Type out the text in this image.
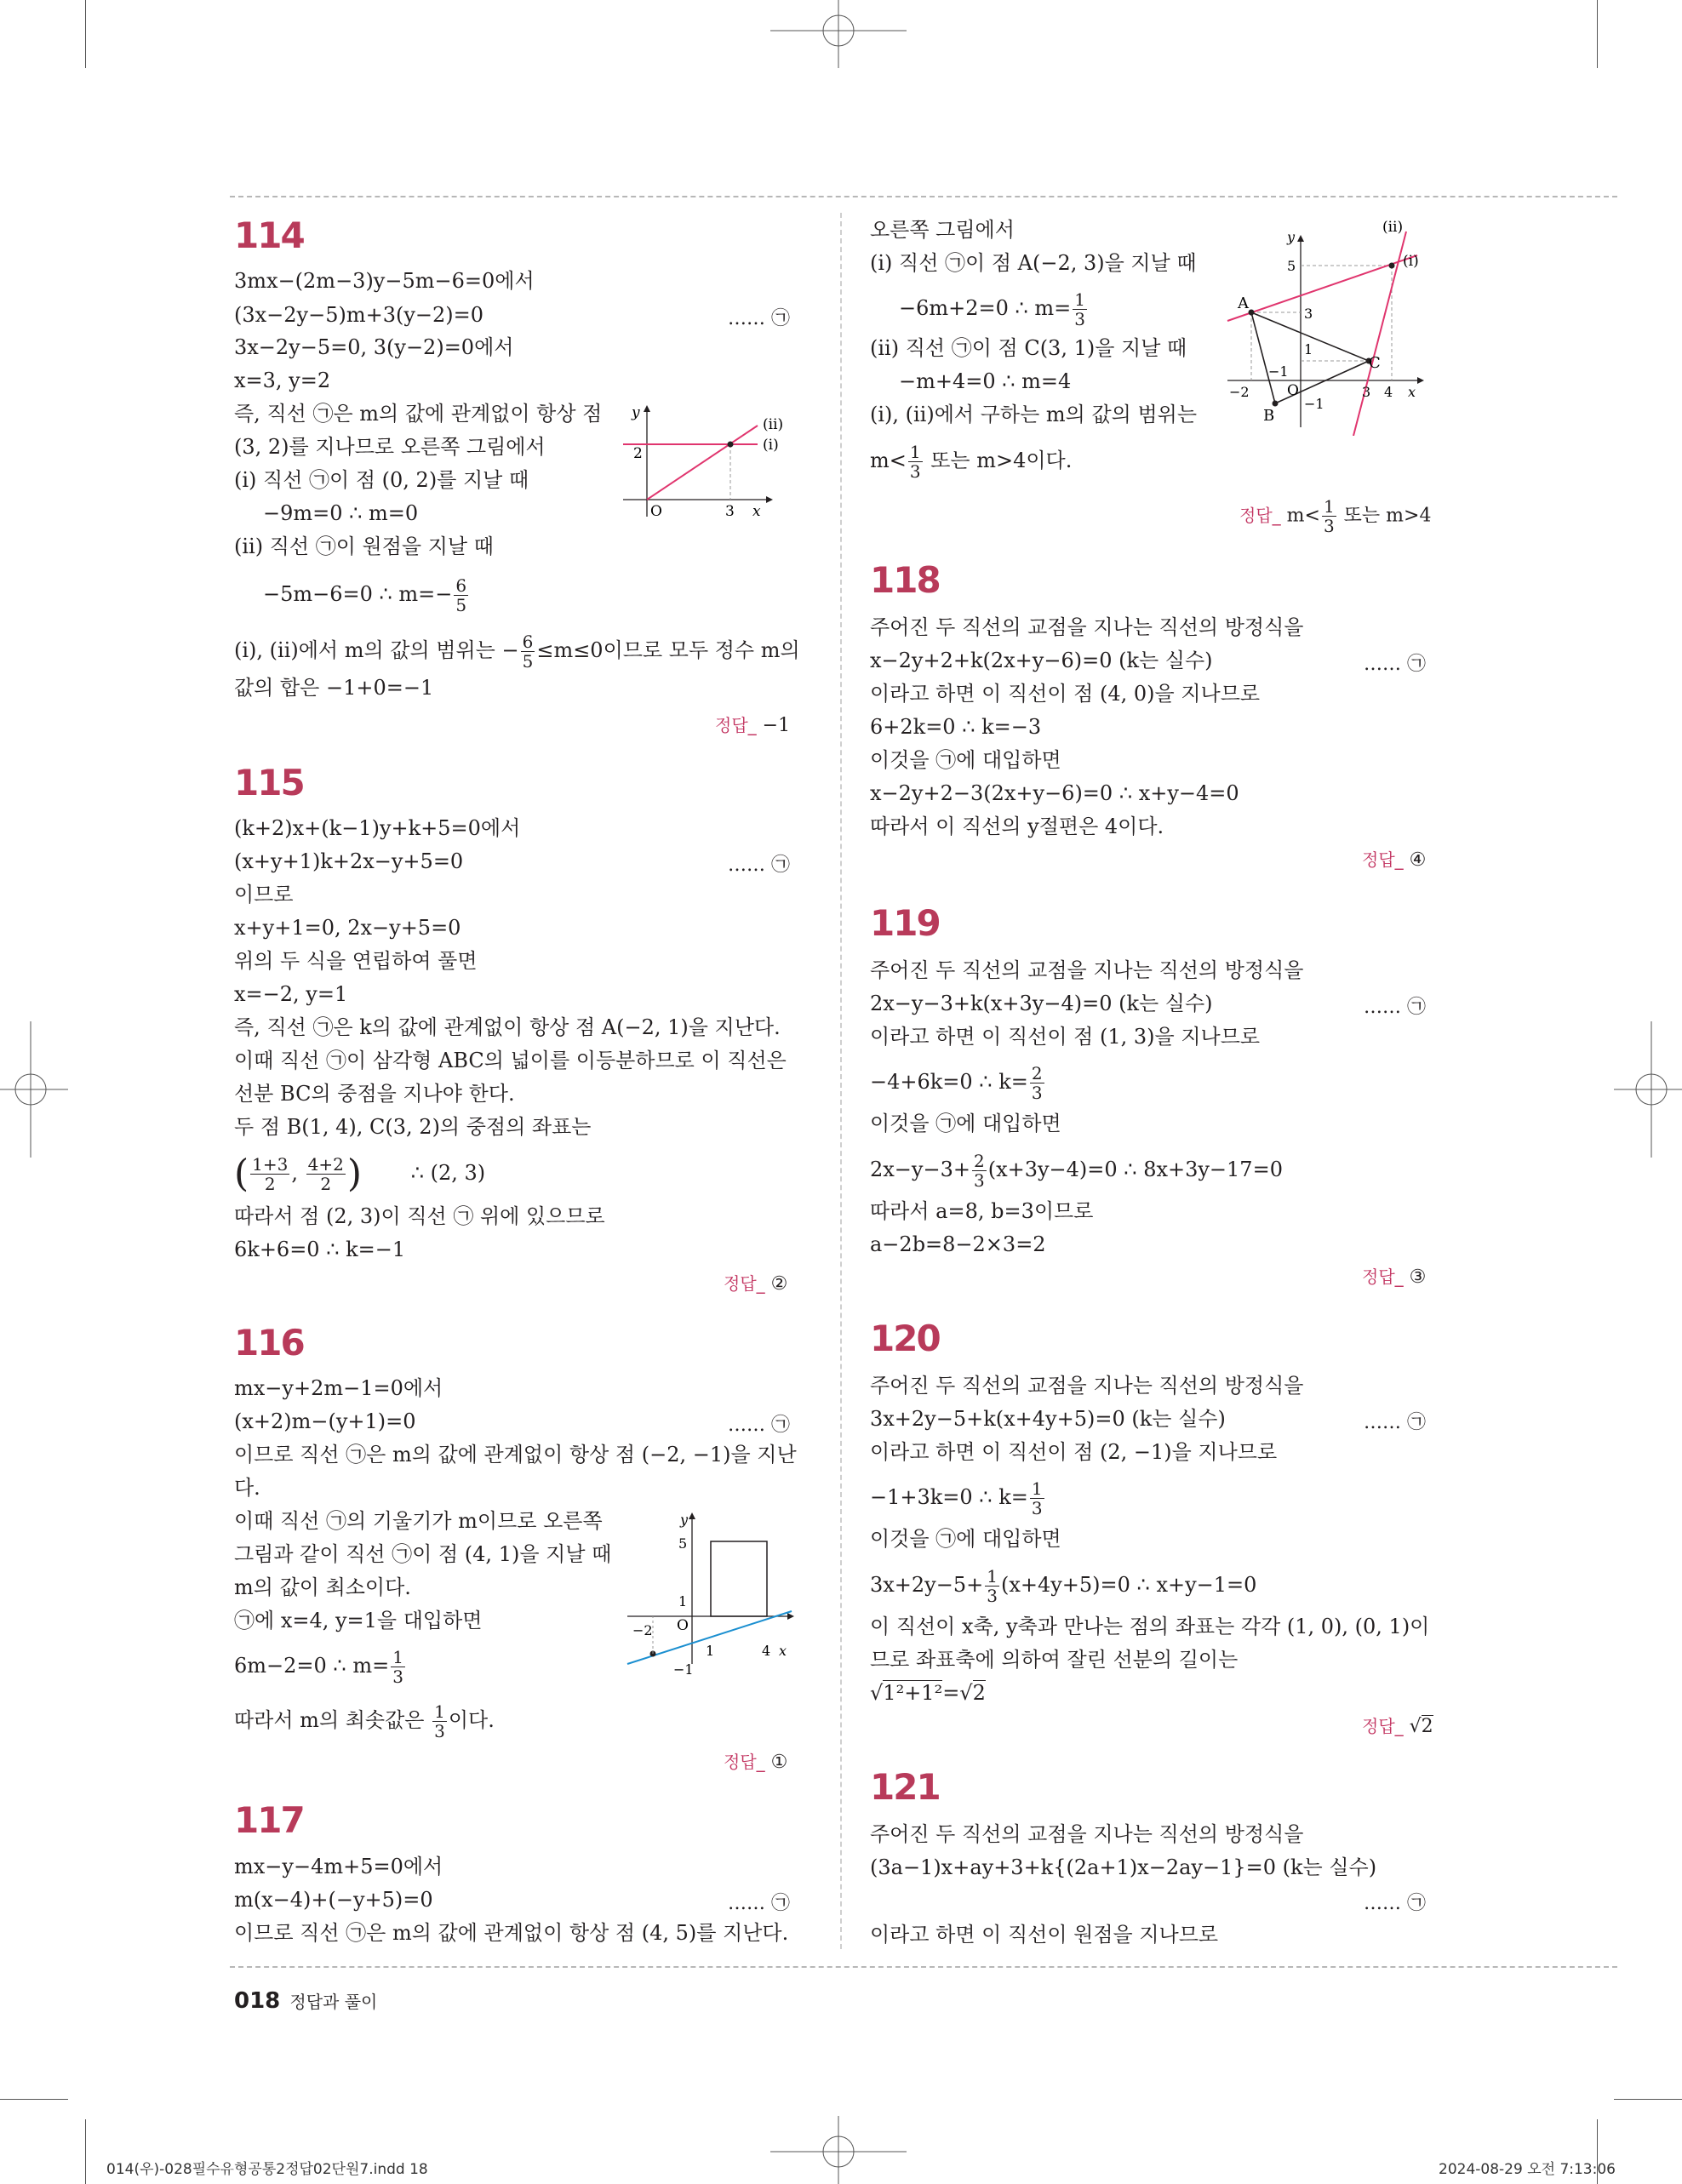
114
3mx−(2m−3)y−5m−6=0에서
(3x−2y−5)m+3(y−2)=0	…… ㉠
3x−2y−5=0, 3(y−2)=0에서
x=3, y=2
즉, 직선 ㉠은 m의 값에 관계없이 항상 점
(3, 2)를 지나므로 오른쪽 그림에서
(ⅰ) 직선 ㉠이 점 (0, 2)를 지날 때
−9m=0 ∴ m=0
(ⅱ) 직선 ㉠이 원점을 지날 때
−5m−6=0 ∴ $m=- \frac{6}{5}$
(ⅰ), (ⅱ)에서 m의 값의 범위는 − $\frac{6}{5} \le m\le 0$이므로 모두 정수 m의
값의 합은 −1+0=−1
y
2
O	3 x
(ⅱ)
(ⅰ)
정답_ −1
115
(k+2)x+(k−1)y+k+5=0에서
(x+y+1)k+2x−y+5=0	…… ㉠
이므로
x+y+1=0, 2x−y+5=0
위의 두 식을 연립하여 풀면
x=−2, y=1
즉, 직선 ㉠은 k의 값에 관계없이 항상 점 A(−2, 1)을 지난다.
이때 직선 ㉠이 삼각형 ABC의 넓이를 이등분하므로 이 직선은
선분 BC의 중점을 지나야 한다.
두 점 B(1, 4), C(3, 2)의 중점의 좌표는
( $\frac{1+3}{2}$ , $\frac{4+2}{2}$ ) ∴ (2, 3)
따라서 점 (2, 3)이 직선 ㉠ 위에 있으므로
6k+6=0 ∴ k=−1
정답_ ②
116
mx−y+2m−1=0에서
(x+2)m−(y+1)=0	…… ㉠
이므로 직선 ㉠은 m의 값에 관계없이 항상 점 (−2, −1)을 지난
다.
이때 직선 ㉠의 기울기가 m이므로 오른쪽
그림과 같이 직선 ㉠이 점 (4, 1)을 지날 때
m의 값이 최소이다.
㉠에 x=4, y=1을 대입하면
6m−2=0 ∴ $m= \frac{1}{3}$
따라서 m의 최솟값은 $\frac{1}{3}$ 이다.
y
5
1
O
−2
−1
1	4 x
정답_ ①
117
mx−y−4m+5=0에서
m(x−4)+(−y+5)=0	…… ㉠
이므로 직선 ㉠은 m의 값에 관계없이 항상 점 (4, 5)를 지난다.
오른쪽 그림에서
(ⅰ) 직선 ㉠이 점 A(−2, 3)을 지날 때
−6m+2=0 ∴ $m= \frac{1}{3}$
(ⅱ) 직선 ㉠이 점 C(3, 1)을 지날 때
−m+4=0 ∴ m=4
(ⅰ), (ⅱ)에서 구하는 m의 값의 범위는
$m< \frac{1}{3}$ 또는 m>4이다.
y
5
A
3
1
−1
−2	O
−1
B
C
3 4 x
(ⅱ)
(ⅰ)
정답_ $m< \frac{1}{3}$ 또는 m>4
118
주어진 두 직선의 교점을 지나는 직선의 방정식을
x−2y+2+k(2x+y−6)=0 (k는 실수)	…… ㉠
이라고 하면 이 직선이 점 (4, 0)을 지나므로
6+2k=0 ∴ k=−3
이것을 ㉠에 대입하면
x−2y+2−3(2x+y−6)=0 ∴ x+y−4=0
따라서 이 직선의 y절편은 4이다.
정답_ ④
119
주어진 두 직선의 교점을 지나는 직선의 방정식을
2x−y−3+k(x+3y−4)=0 (k는 실수)	…… ㉠
이라고 하면 이 직선이 점 (1, 3)을 지나므로
−4+6k=0 ∴ $k= \frac{2}{3}$
이것을 ㉠에 대입하면
$2x-y-3+ \frac{2}{3} (x+3y-4)=0$ ∴ 8x+3y−17=0
따라서 a=8, b=3이므로
a−2b=8−2×3=2
정답_ ③
120
주어진 두 직선의 교점을 지나는 직선의 방정식을
3x+2y−5+k(x+4y+5)=0 (k는 실수)	…… ㉠
이라고 하면 이 직선이 점 (2, −1)을 지나므로
−1+3k=0 ∴ $k= \frac{1}{3}$
이것을 ㉠에 대입하면
$3x+2y-5+ \frac{1}{3} (x+4y+5)=0$ ∴ x+y−1=0
이 직선이 x축, y축과 만나는 점의 좌표는 각각 (1, 0), (0, 1)이
므로 좌표축에 의하여 잘린 선분의 길이는
√1²+1²=√2
정답_ √2
121
주어진 두 직선의 교점을 지나는 직선의 방정식을
(3a−1)x+ay+3+k{(2a+1)x−2ay−1}=0 (k는 실수)
…… ㉠
이라고 하면 이 직선이 원점을 지나므로
018 정답과 풀이
014(우)-028필수유형공통2정답02단원7.indd 18	2024-08-29 오전 7:13:06
